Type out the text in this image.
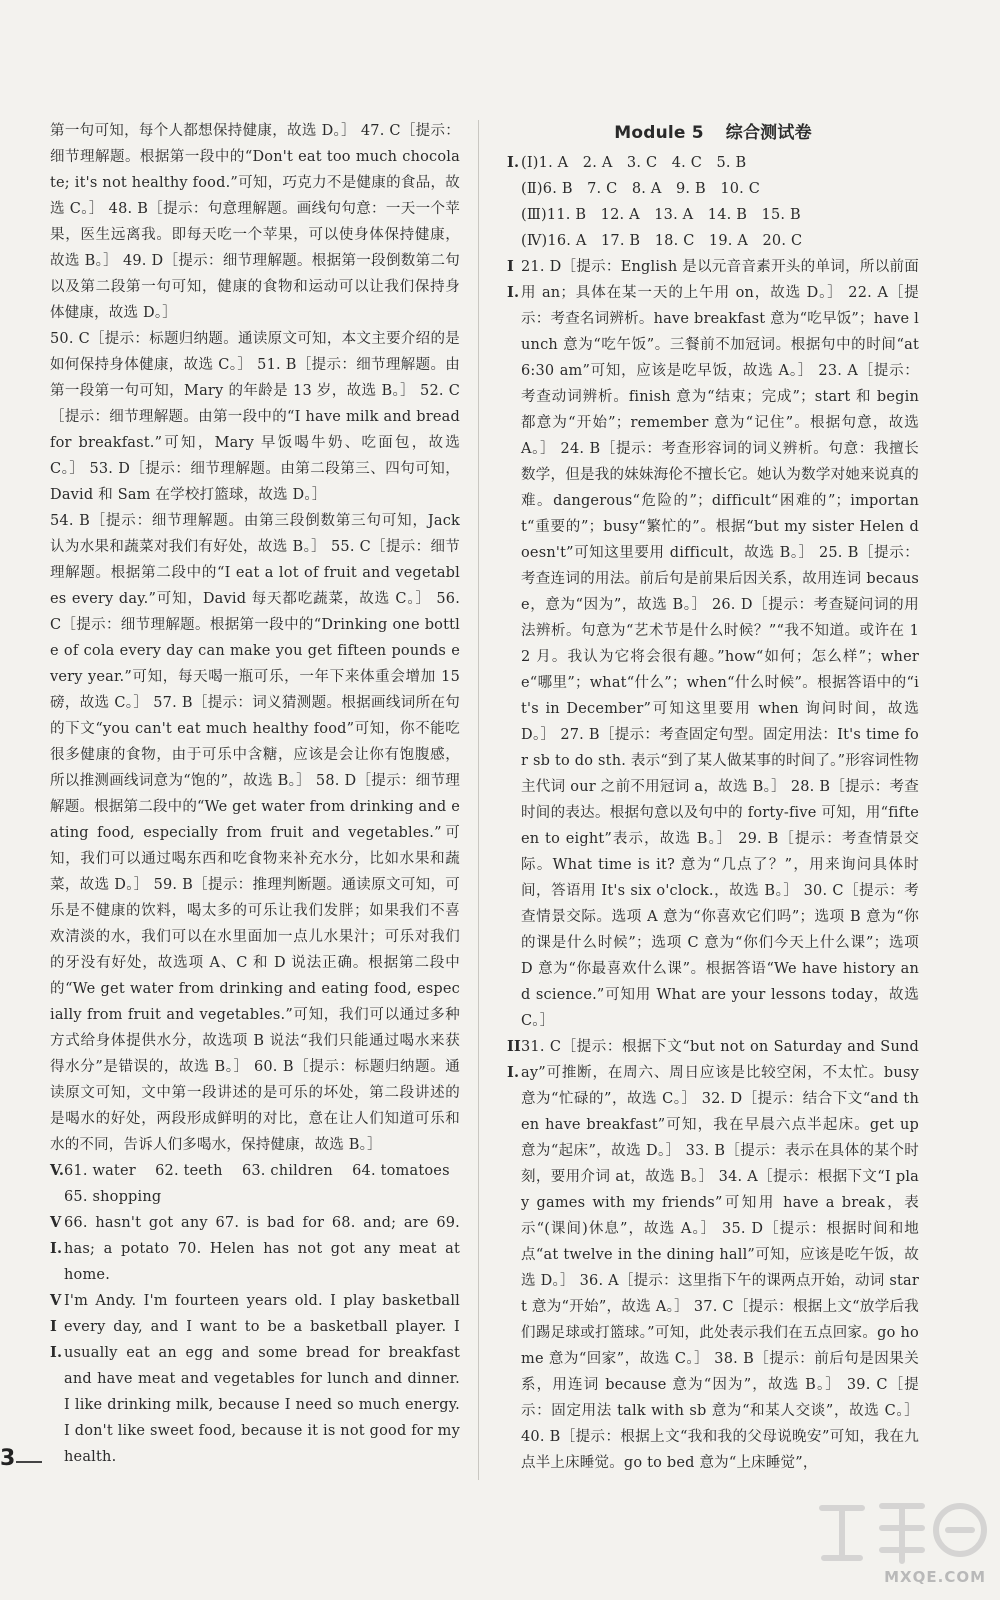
第一句可知，每个人都想保持健康，故选 D。］ 47. C［提示：细节理解题。根据第一段中的“Don't eat too much chocolate; it's not healthy food.”可知，巧克力不是健康的食品，故选 C。］ 48. B［提示：句意理解题。画线句句意：一天一个苹果，医生远离我。即每天吃一个苹果，可以使身体保持健康，故选 B。］ 49. D［提示：细节理解题。根据第一段倒数第二句以及第二段第一句可知，健康的食物和运动可以让我们保持身体健康，故选 D。］

50. C［提示：标题归纳题。通读原文可知，本文主要介绍的是如何保持身体健康，故选 C。］ 51. B［提示：细节理解题。由第一段第一句可知，Mary 的年龄是 13 岁，故选 B。］ 52. C［提示：细节理解题。由第一段中的“I have milk and bread for breakfast.”可知，Mary 早饭喝牛奶、吃面包，故选 C。］ 53. D［提示：细节理解题。由第二段第三、四句可知，David 和 Sam 在学校打篮球，故选 D。］

54. B［提示：细节理解题。由第三段倒数第三句可知，Jack 认为水果和蔬菜对我们有好处，故选 B。］ 55. C［提示：细节理解题。根据第二段中的“I eat a lot of fruit and vegetables every day.”可知，David 每天都吃蔬菜，故选 C。］ 56. C［提示：细节理解题。根据第一段中的“Drinking one bottle of cola every day can make you get fifteen pounds every year.”可知，每天喝一瓶可乐，一年下来体重会增加 15 磅，故选 C。］ 57. B［提示：词义猜测题。根据画线词所在句的下文“you can't eat much healthy food”可知，你不能吃很多健康的食物，由于可乐中含糖，应该是会让你有饱腹感，所以推测画线词意为“饱的”，故选 B。］ 58. D［提示：细节理解题。根据第二段中的“We get water from drinking and eating food, especially from fruit and vegetables.”可知，我们可以通过喝东西和吃食物来补充水分，比如水果和蔬菜，故选 D。］ 59. B［提示：推理判断题。通读原文可知，可乐是不健康的饮料，喝太多的可乐让我们发胖；如果我们不喜欢清淡的水，我们可以在水里面加一点儿水果汁；可乐对我们的牙没有好处，故选项 A、C 和 D 说法正确。根据第二段中的“We get water from drinking and eating food, especially from fruit and vegetables.”可知，我们可以通过多种方式给身体提供水分，故选项 B 说法“我们只能通过喝水来获得水分”是错误的，故选 B。］ 60. B［提示：标题归纳题。通读原文可知，文中第一段讲述的是可乐的坏处，第二段讲述的是喝水的好处，两段形成鲜明的对比，意在让人们知道可乐和水的不同，告诉人们多喝水，保持健康，故选 B。］

V. 61. water    62. teeth    63. children    64. tomatoes
65. shopping
VI.
66. hasn't got any 67. is bad for 68. and; are 69. has; a potato 70. Helen has not got any meat at home.
VII.
I'm Andy. I'm fourteen years old. I play basketball every day, and I want to be a basketball player. I usually eat an egg and some bread for breakfast and have meat and vegetables for lunch and dinner. I like drinking milk, because I need so much energy. I don't like sweet food, because it is not good for my health.
Module 5 综合测试卷
I. (Ⅰ)1. A   2. A   3. C   4. C   5. B

(Ⅱ)6. B   7. C   8. A   9. B   10. C

(Ⅲ)11. B   12. A   13. A   14. B   15. B

(Ⅳ)16. A   17. B   18. C   19. A   20. C

II.
21. D［提示：English 是以元音音素开头的单词，所以前面用 an；具体在某一天的上午用 on，故选 D。］ 22. A［提示：考查名词辨析。have breakfast 意为“吃早饭”；have lunch 意为“吃午饭”。三餐前不加冠词。根据句中的时间“at 6:30 am”可知，应该是吃早饭，故选 A。］ 23. A［提示：考查动词辨析。finish 意为“结束；完成”；start 和 begin 都意为“开始”；remember 意为“记住”。根据句意，故选 A。］ 24. B［提示：考查形容词的词义辨析。句意：我擅长数学，但是我的妹妹海伦不擅长它。她认为数学对她来说真的难。dangerous“危险的”；difficult“困难的”；important“重要的”；busy“繁忙的”。根据“but my sister Helen doesn't”可知这里要用 difficult，故选 B。］ 25. B［提示：考查连词的用法。前后句是前果后因关系，故用连词 because，意为“因为”，故选 B。］ 26. D［提示：考查疑问词的用法辨析。句意为“艺术节是什么时候？”“我不知道。或许在 12 月。我认为它将会很有趣。”how“如何；怎么样”；where“哪里”；what“什么”；when“什么时候”。根据答语中的“it's in December”可知这里要用 when 询问时间，故选 D。］ 27. B［提示：考查固定句型。固定用法：It's time for sb to do sth. 表示“到了某人做某事的时间了。”形容词性物主代词 our 之前不用冠词 a，故选 B。］ 28. B［提示：考查时间的表达。根据句意以及句中的 forty-five 可知，用“fifteen to eight”表示，故选 B。］ 29. B［提示：考查情景交际。What time is it? 意为“几点了？”，用来询问具体时间，答语用 It's six o'clock.，故选 B。］ 30. C［提示：考查情景交际。选项 A 意为“你喜欢它们吗”；选项 B 意为“你的课是什么时候”；选项 C 意为“你们今天上什么课”；选项 D 意为“你最喜欢什么课”。根据答语“We have history and science.”可知用 What are your lessons today，故选 C。］
III.
31. C［提示：根据下文“but not on Saturday and Sunday”可推断，在周六、周日应该是比较空闲，不太忙。busy 意为“忙碌的”，故选 C。］ 32. D［提示：结合下文“and then have breakfast”可知，我在早晨六点半起床。get up 意为“起床”，故选 D。］ 33. B［提示：表示在具体的某个时刻，要用介词 at，故选 B。］ 34. A［提示：根据下文“I play games with my friends”可知用 have a break，表示“(课间)休息”，故选 A。］ 35. D［提示：根据时间和地点“at twelve in the dining hall”可知，应该是吃午饭，故选 D。］ 36. A［提示：这里指下午的课两点开始，动词 start 意为“开始”，故选 A。］ 37. C［提示：根据上文“放学后我们踢足球或打篮球。”可知，此处表示我们在五点回家。go home 意为“回家”，故选 C。］ 38. B［提示：前后句是因果关系，用连词 because 意为“因为”，故选 B。］ 39. C［提示：固定用法 talk with sb 意为“和某人交谈”，故选 C。］ 40. B［提示：根据上文“我和我的父母说晚安”可知，我在九点半上床睡觉。go to bed 意为“上床睡觉”，
3
MXQE.COM
